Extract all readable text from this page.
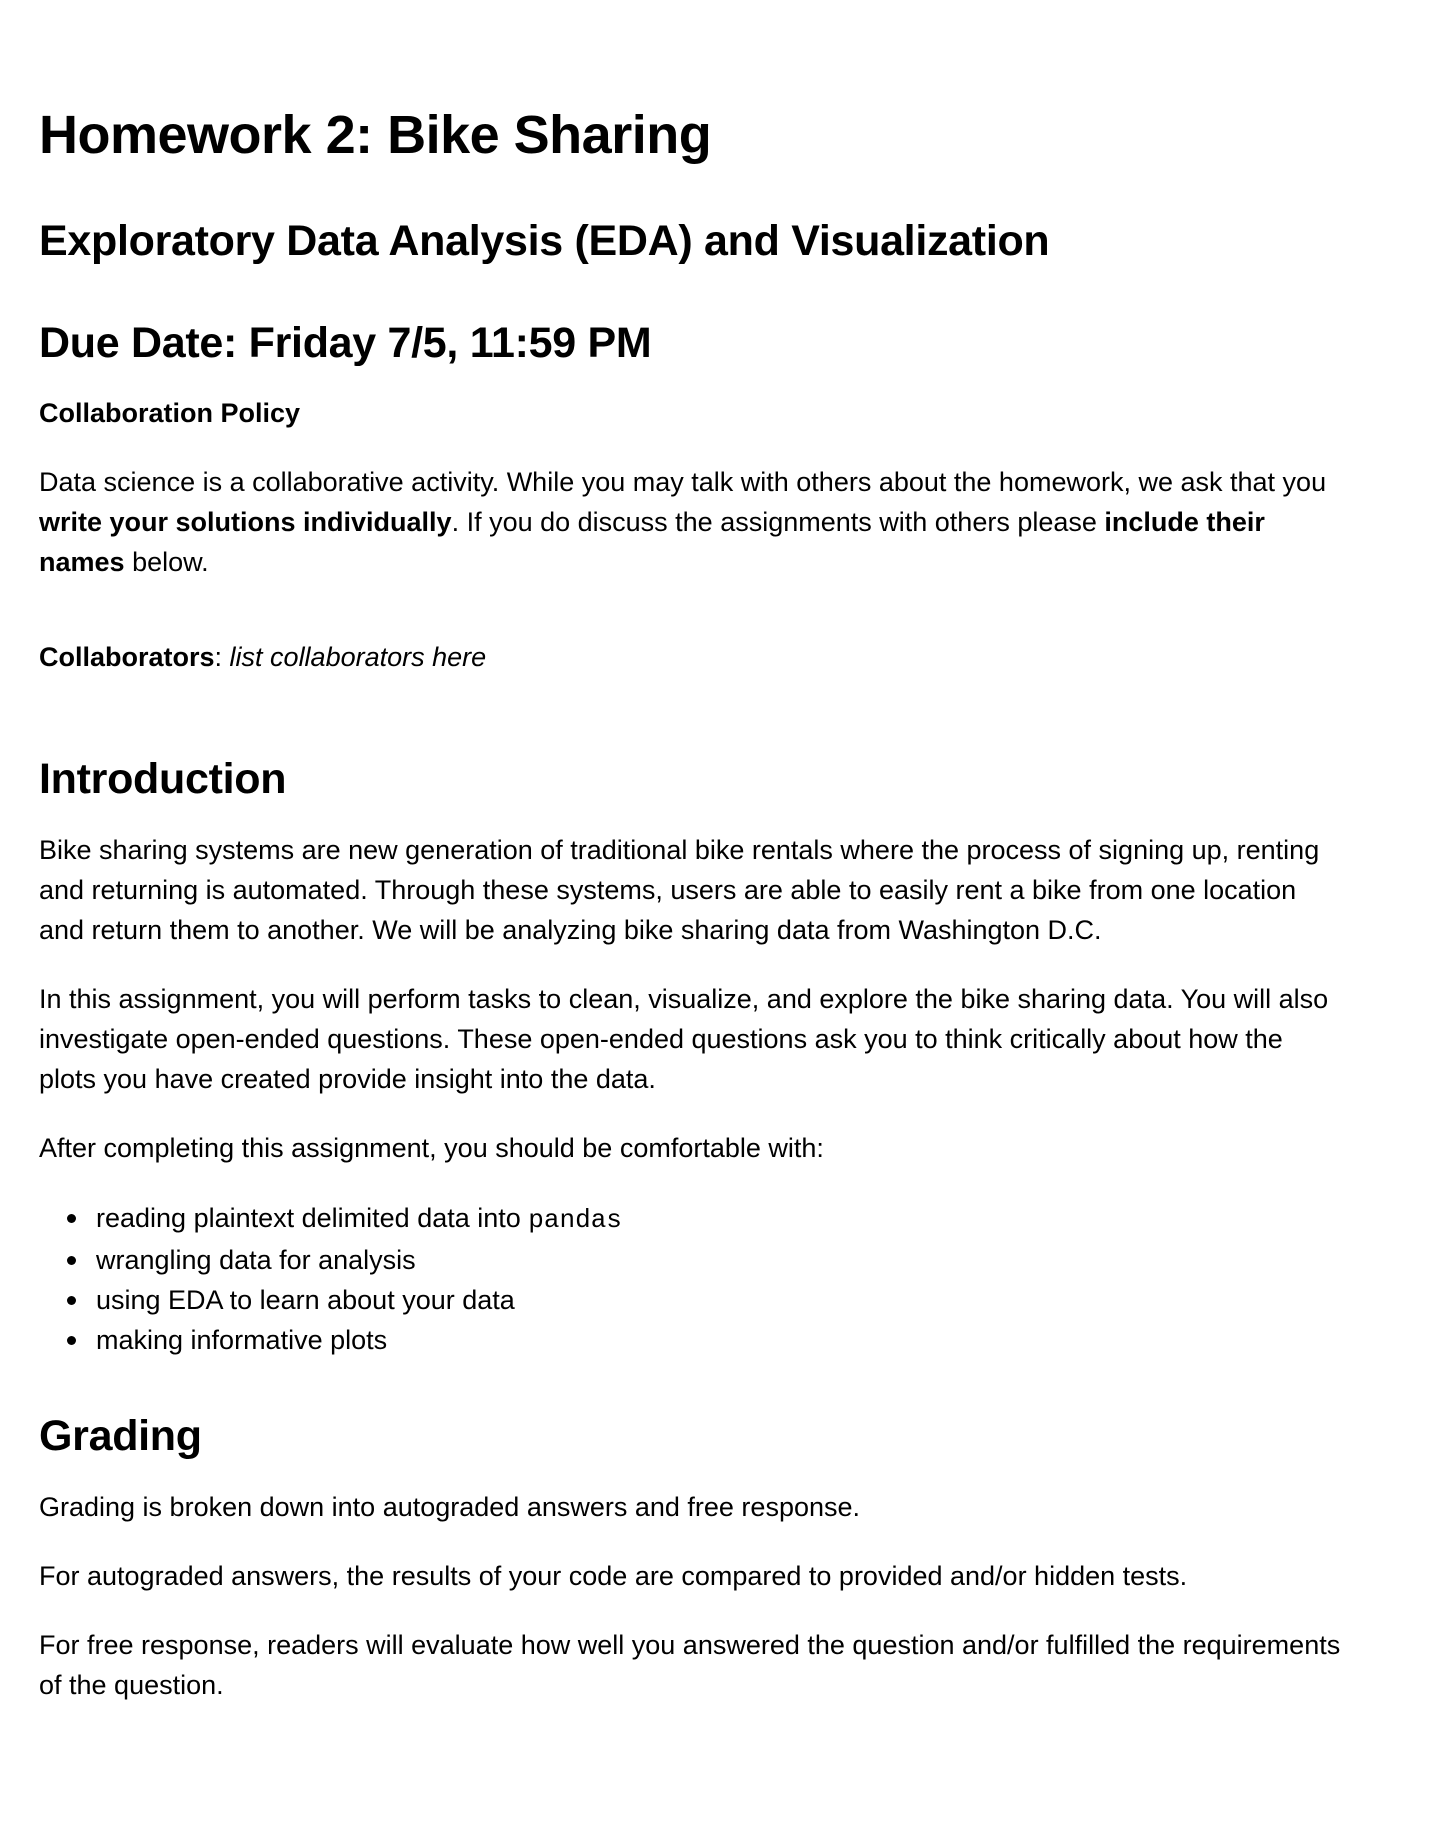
Homework 2: Bike Sharing
Exploratory Data Analysis (EDA) and Visualization
Due Date: Friday 7/5, 11:59 PM
Collaboration Policy
Data science is a collaborative activity. While you may talk with others about the homework, we ask that you
write your solutions individually. If you do discuss the assignments with others please include their
names below.
Collaborators: list collaborators here
Introduction
Bike sharing systems are new generation of traditional bike rentals where the process of signing up, renting
and returning is automated. Through these systems, users are able to easily rent a bike from one location
and return them to another. We will be analyzing bike sharing data from Washington D.C.
In this assignment, you will perform tasks to clean, visualize, and explore the bike sharing data. You will also
investigate open-ended questions. These open-ended questions ask you to think critically about how the
plots you have created provide insight into the data.
After completing this assignment, you should be comfortable with:
reading plaintext delimited data into pandas
wrangling data for analysis
using EDA to learn about your data
making informative plots
Grading
Grading is broken down into autograded answers and free response.
For autograded answers, the results of your code are compared to provided and/or hidden tests.
For free response, readers will evaluate how well you answered the question and/or fulfilled the requirements
of the question.
